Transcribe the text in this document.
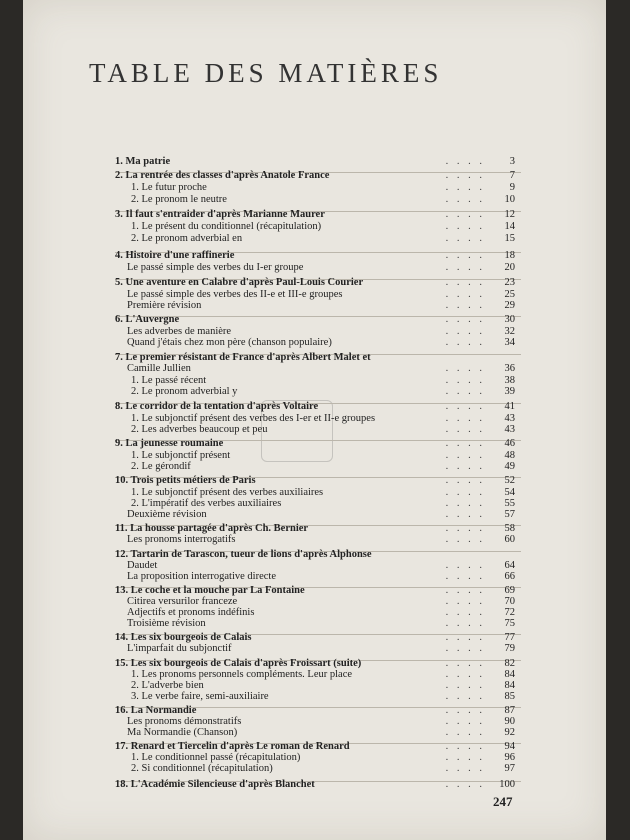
TABLE DES MATIÈRES
1. Ma patrie	. . . .	3
2. La rentrée des classes d'après Anatole France	. . . .	7
1. Le futur proche	. . . .	9
2. Le pronom le neutre	. . . .	10
3. Il faut s'entraider d'après Marianne Maurer	. . . .	12
1. Le présent du conditionnel (récapitulation)	. . . .	14
2. Le pronom adverbial en	. . . .	15
4. Histoire d'une raffinerie	. . . .	18
Le passé simple des verbes du I-er groupe	. . . .	20
5. Une aventure en Calabre d'après Paul-Louis Courier	. . . .	23
Le passé simple des verbes des II-e et III-e groupes	. . . .	25
Première révision	. . . .	29
6. L'Auvergne	. . . .	30
Les adverbes de manière	. . . .	32
Quand j'étais chez mon père (chanson populaire)	. . . .	34
7. Le premier résistant de France d'après Albert Malet et
Camille Jullien	. . . .	36
1. Le passé récent	. . . .	38
2. Le pronom adverbial y	. . . .	39
8. Le corridor de la tentation d'après Voltaire	. . . .	41
1. Le subjonctif présent des verbes des I-er et II-e groupes	. . . .	43
2. Les adverbes beaucoup et peu	. . . .	43
9. La jeunesse roumaine	. . . .	46
1. Le subjonctif présent	. . . .	48
2. Le gérondif	. . . .	49
10. Trois petits métiers de Paris	. . . .	52
1. Le subjonctif présent des verbes auxiliaires	. . . .	54
2. L'impératif des verbes auxiliaires	. . . .	55
Deuxième révision	. . . .	57
11. La housse partagée d'après Ch. Bernier	. . . .	58
Les pronoms interrogatifs	. . . .	60
12. Tartarin de Tarascon, tueur de lions d'après Alphonse
Daudet	. . . .	64
La proposition interrogative directe	. . . .	66
13. Le coche et la mouche par La Fontaine	. . . .	69
Citirea versurilor franceze	. . . .	70
Adjectifs et pronoms indéfinis	. . . .	72
Troisième révision	. . . .	75
14. Les six bourgeois de Calais	. . . .	77
L'imparfait du subjonctif	. . . .	79
15. Les six bourgeois de Calais d'après Froissart (suite)	. . . .	82
1. Les pronoms personnels compléments. Leur place	. . . .	84
2. L'adverbe bien	. . . .	84
3. Le verbe faire, semi-auxiliaire	. . . .	85
16. La Normandie	. . . .	87
Les pronoms démonstratifs	. . . .	90
Ma Normandie (Chanson)	. . . .	92
17. Renard et Tiercelin d'après Le roman de Renard	. . . .	94
1. Le conditionnel passé (récapitulation)	. . . .	96
2. Si conditionnel (récapitulation)	. . . .	97
18. L'Académie Silencieuse d'après Blanchet	. . . .	100
247
